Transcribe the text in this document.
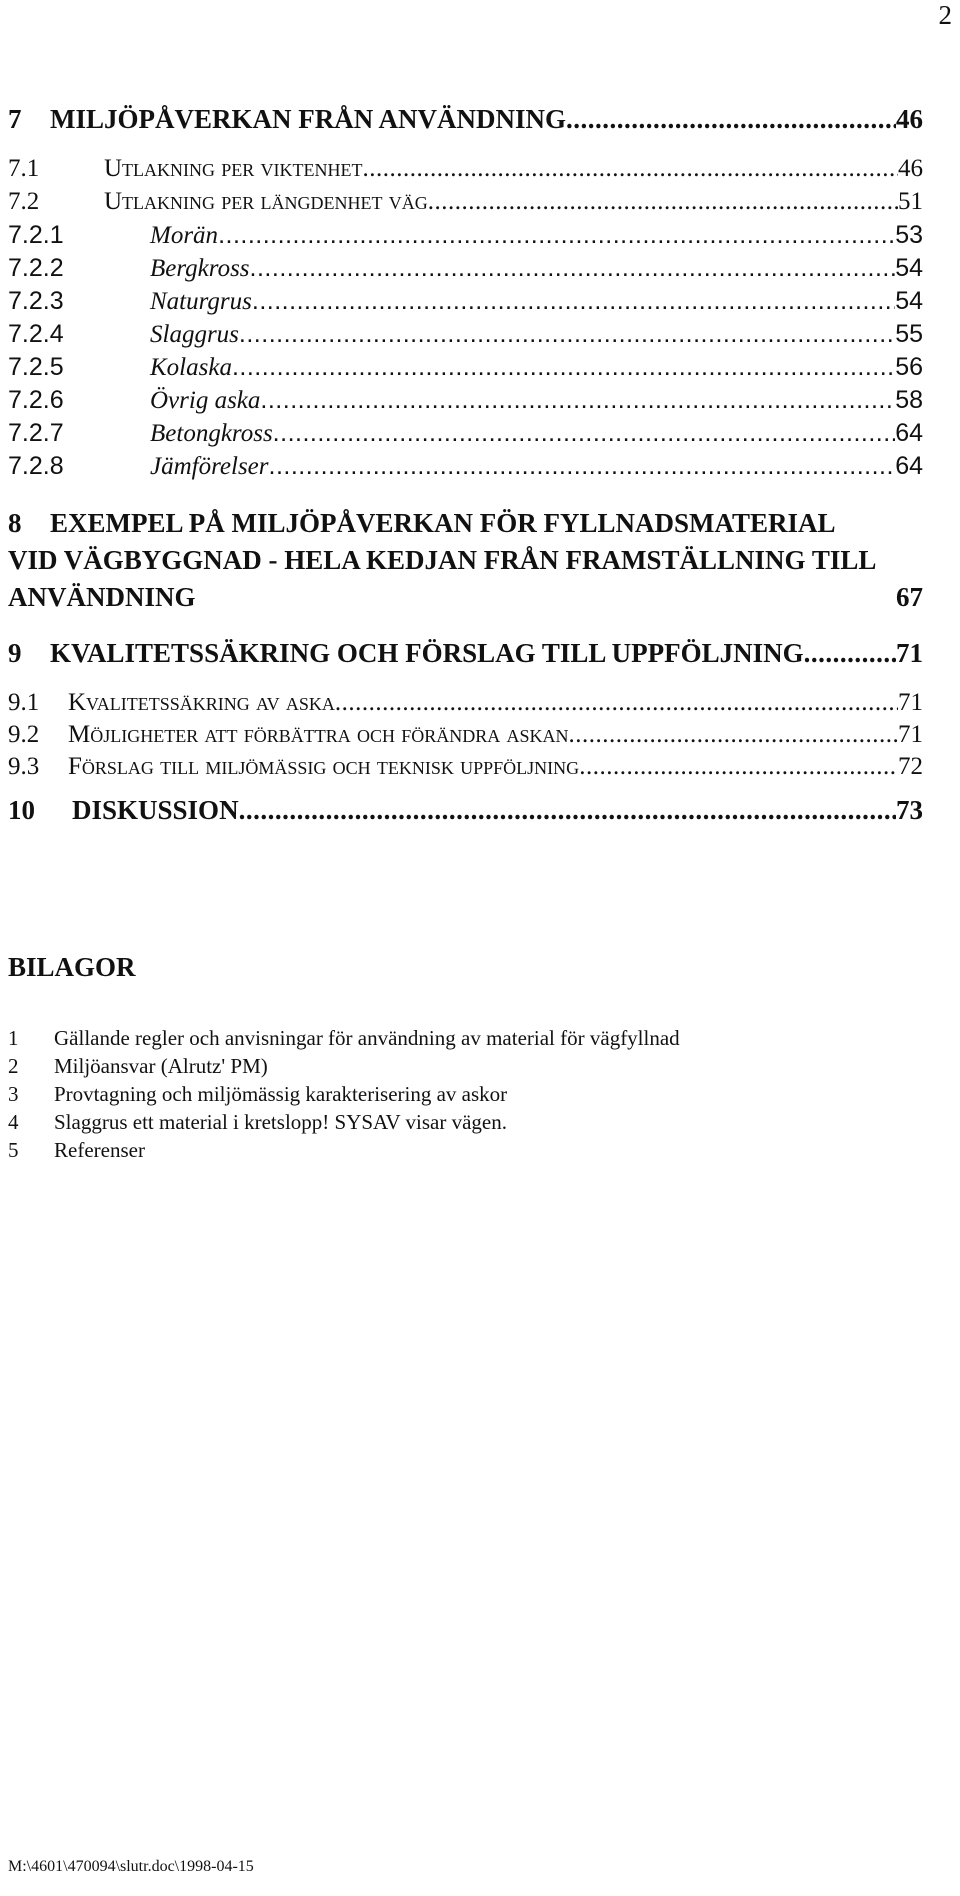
2
7	MILJÖPÅVERKAN FRÅN ANVÄNDNING .....	46
7.1	Utlakning per viktenhet .....	46
7.2	Utlakning per längdenhet väg .....	51
7.2.1	Morän .....	53
7.2.2	Bergkross .....	54
7.2.3	Naturgrus .....	54
7.2.4	Slaggrus .....	55
7.2.5	Kolaska .....	56
7.2.6	Övrig aska .....	58
7.2.7	Betongkross .....	64
7.2.8	Jämförelser .....	64
8	EXEMPEL PÅ MILJÖPÅVERKAN FÖR FYLLNADSMATERIAL
VID VÄGBYGGNAD - HELA KEDJAN FRÅN FRAMSTÄLLNING TILL
ANVÄNDNING	67
9	KVALITETSSÄKRING OCH FÖRSLAG TILL UPPFÖLJNING .....	71
9.1	Kvalitetssäkring av aska .....	71
9.2	Möjligheter att förbättra och förändra askan .....	71
9.3	Förslag till miljömässig och teknisk uppföljning .....	72
10	DISKUSSION .....	73
BILAGOR
1	Gällande regler och anvisningar för användning av material för vägfyllnad
2	Miljöansvar (Alrutz' PM)
3	Provtagning och miljömässig karakterisering av askor
4	Slaggrus ett material i kretslopp! SYSAV visar vägen.
5	Referenser
M:\4601\470094\slutr.doc\1998-04-15
